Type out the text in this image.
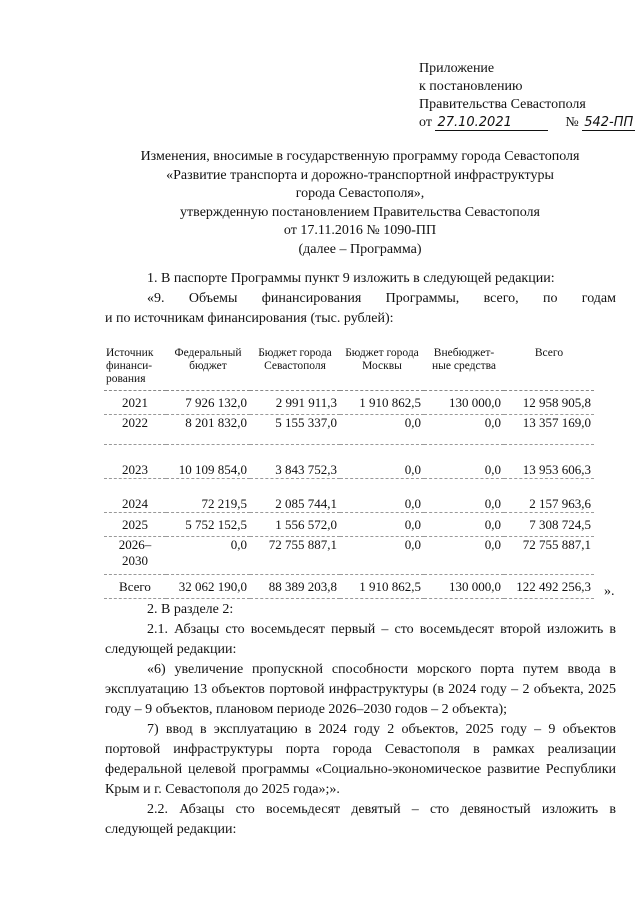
Приложение
к постановлению
Правительства Севастополя
от 27.10.2021	№ 542-ПП
Изменения, вносимые в государственную программу города Севастополя
«Развитие транспорта и дорожно-транспортной инфраструктуры
города Севастополя»,
утвержденную постановлением Правительства Севастополя
от 17.11.2016 № 1090-ПП
(далее – Программа)
1. В паспорте Программы пункт 9 изложить в следующей редакции:
«9. Объемы финансирования Программы, всего, по годам
и по источникам финансирования (тыс. рублей):
Источник финанси-рования	Федеральный бюджет	Бюджет города Севастополя	Бюджет города Москвы	Внебюджет-ные средства	Всего
2021	7 926 132,0	2 991 911,3	1 910 862,5	130 000,0	12 958 905,8
2022	8 201 832,0	5 155 337,0	0,0	0,0	13 357 169,0
2023	10 109 854,0	3 843 752,3	0,0	0,0	13 953 606,3
2024	72 219,5	2 085 744,1	0,0	0,0	2 157 963,6
2025	5 752 152,5	1 556 572,0	0,0	0,0	7 308 724,5
2026–2030	0,0	72 755 887,1	0,0	0,0	72 755 887,1
Всего	32 062 190,0	88 389 203,8	1 910 862,5	130 000,0	122 492 256,3 ».
2. В разделе 2:
2.1. Абзацы сто восемьдесят первый – сто восемьдесят второй изложить в следующей редакции:
«6) увеличение пропускной способности морского порта путем ввода в эксплуатацию 13 объектов портовой инфраструктуры (в 2024 году – 2 объекта, 2025 году – 9 объектов, плановом периоде 2026–2030 годов – 2 объекта);
7) ввод в эксплуатацию в 2024 году 2 объектов, 2025 году – 9 объектов портовой инфраструктуры порта города Севастополя в рамках реализации федеральной целевой программы «Социально-экономическое развитие Республики Крым и г. Севастополя до 2025 года»;».
2.2. Абзацы сто восемьдесят девятый – сто девяностый изложить в следующей редакции:
